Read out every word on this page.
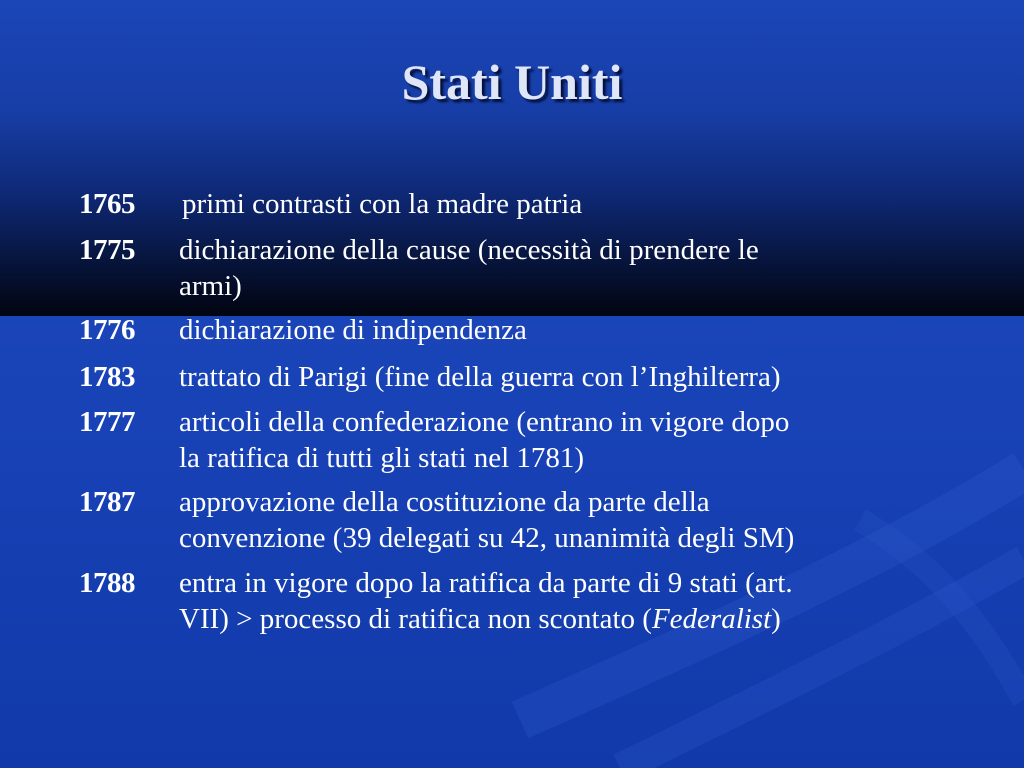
Stati Uniti
1765 primi contrasti con la madre patria
1775 dichiarazione della cause (necessità di prendere le
armi)
1776 dichiarazione di indipendenza
1783 trattato di Parigi (fine della guerra con l’Inghilterra)
1777 articoli della confederazione (entrano in vigore dopo
la ratifica di tutti gli stati nel 1781)
1787 approvazione della costituzione da parte della
convenzione (39 delegati su 42, unanimità degli SM)
1788 entra in vigore dopo la ratifica da parte di 9 stati (art.
VII) > processo di ratifica non scontato (Federalist)
